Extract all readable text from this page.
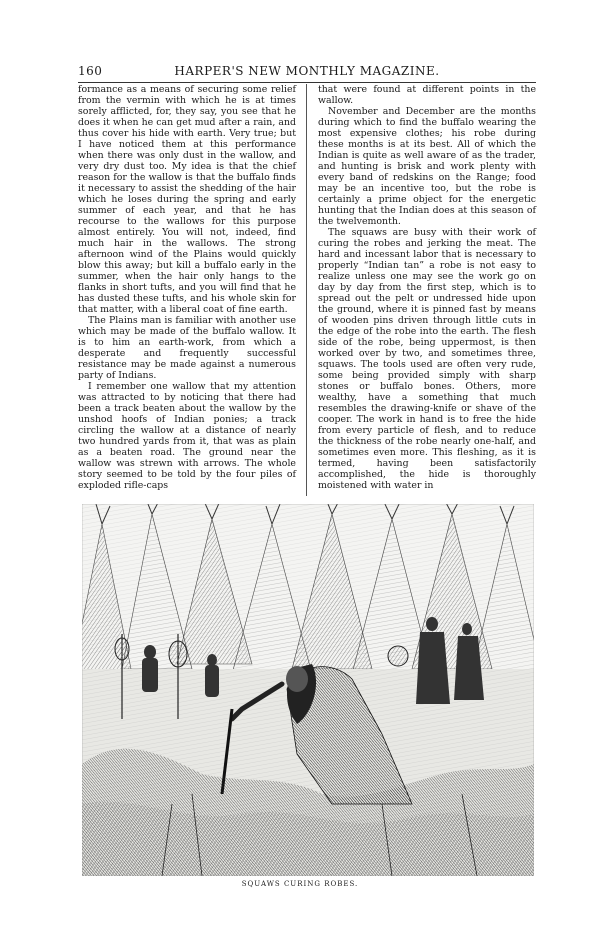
160	HARPER'S NEW MONTHLY MAGAZINE.

formance as a means of securing some relief from the vermin with which he is at times sorely afflicted, for, they say, you see that he does it when he can get mud after a rain, and thus cover his hide with earth. Very true; but I have noticed them at this performance when there was only dust in the wallow, and very dry dust too. My idea is that the chief reason for the wallow is that the buffalo finds it necessary to assist the shedding of the hair which he loses during the spring and early summer of each year, and that he has recourse to the wallows for this purpose almost entirely. You will not, indeed, find much hair in the wallows. The strong afternoon wind of the Plains would quickly blow this away; but kill a buffalo early in the summer, when the hair only hangs to the flanks in short tufts, and you will find that he has dusted these tufts, and his whole skin for that matter, with a liberal coat of fine earth.

The Plains man is familiar with another use which may be made of the buffalo wallow. It is to him an earth-work, from which a desperate and frequently successful resistance may be made against a numerous party of Indians.

I remember one wallow that my attention was attracted to by noticing that there had been a track beaten about the wallow by the unshod hoofs of Indian ponies; a track circling the wallow at a distance of nearly two hundred yards from it, that was as plain as a beaten road. The ground near the wallow was strewn with arrows. The whole story seemed to be told by the four piles of exploded rifle-caps

that were found at different points in the wallow.

November and December are the months during which to find the buffalo wearing the most expensive clothes; his robe during these months is at its best. All of which the Indian is quite as well aware of as the trader, and hunting is brisk and work plenty with every band of redskins on the Range; food may be an incentive too, but the robe is certainly a prime object for the energetic hunting that the Indian does at this season of the twelvemonth.

The squaws are busy with their work of curing the robes and jerking the meat. The hard and incessant labor that is necessary to properly “Indian tan” a robe is not easy to realize unless one may see the work go on day by day from the first step, which is to spread out the pelt or undressed hide upon the ground, where it is pinned fast by means of wooden pins driven through little cuts in the edge of the robe into the earth. The flesh side of the robe, being uppermost, is then worked over by two, and sometimes three, squaws. The tools used are often very rude, some being provided simply with sharp stones or buffalo bones. Others, more wealthy, have a something that much resembles the drawing-knife or shave of the cooper. The work in hand is to free the hide from every particle of flesh, and to reduce the thickness of the robe nearly one-half, and sometimes even more. This fleshing, as it is termed, having been satisfactorily accomplished, the hide is thoroughly moistened with water in

SQUAWS CURING ROBES.
